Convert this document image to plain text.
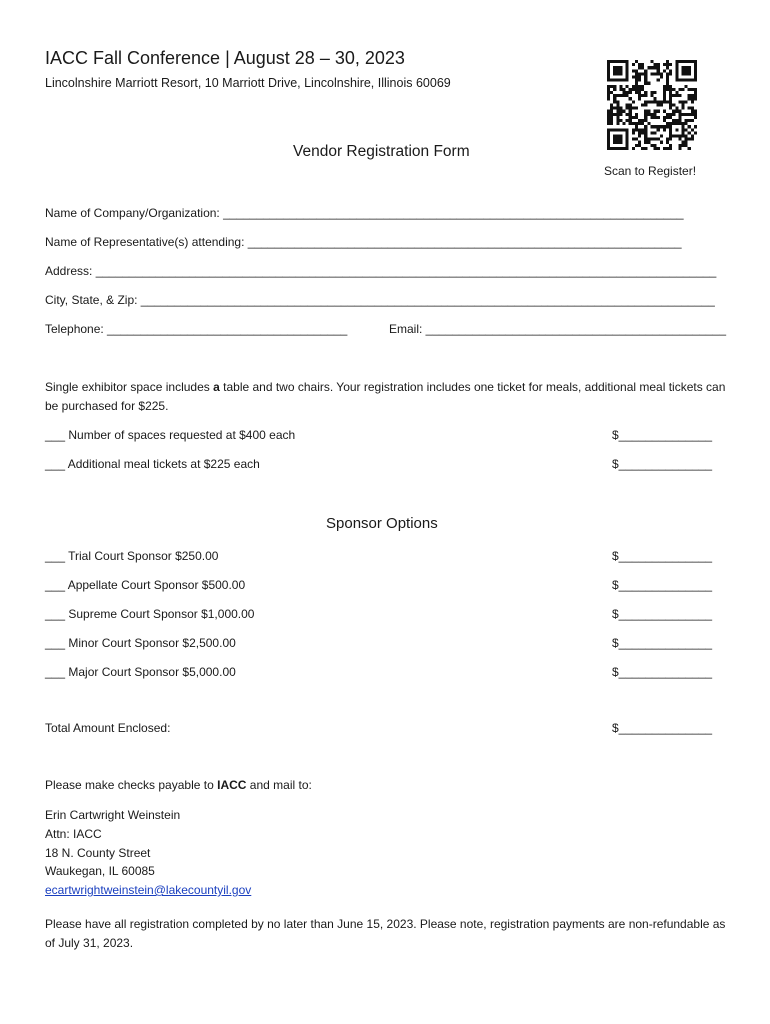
IACC Fall Conference | August 28 – 30, 2023
Lincolnshire Marriott Resort, 10 Marriott Drive, Lincolnshire, Illinois 60069
Scan to Register!
Vendor Registration Form
Name of Company/Organization: _____________________________________________________________________
Name of Representative(s) attending: _________________________________________________________________
Address: _____________________________________________________________________________________________
City, State, & Zip: ______________________________________________________________________________________
Telephone: ____________________________________	Email: _____________________________________________
Single exhibitor space includes a table and two chairs. Your registration includes one ticket for meals, additional meal tickets can be purchased for $225.
___ Number of spaces requested at $400 each	$______________
___ Additional meal tickets at $225 each	$______________
Sponsor Options
___ Trial Court Sponsor $250.00	$______________
___ Appellate Court Sponsor $500.00	$______________
___ Supreme Court Sponsor $1,000.00	$______________
___ Minor Court Sponsor $2,500.00	$______________
___ Major Court Sponsor $5,000.00	$______________
Total Amount Enclosed:	$______________
Please make checks payable to IACC and mail to:
Erin Cartwright Weinstein
Attn: IACC
18 N. County Street
Waukegan, IL 60085
ecartwrightweinstein@lakecountyil.gov
Please have all registration completed by no later than June 15, 2023. Please note, registration payments are non-refundable as of July 31, 2023.
